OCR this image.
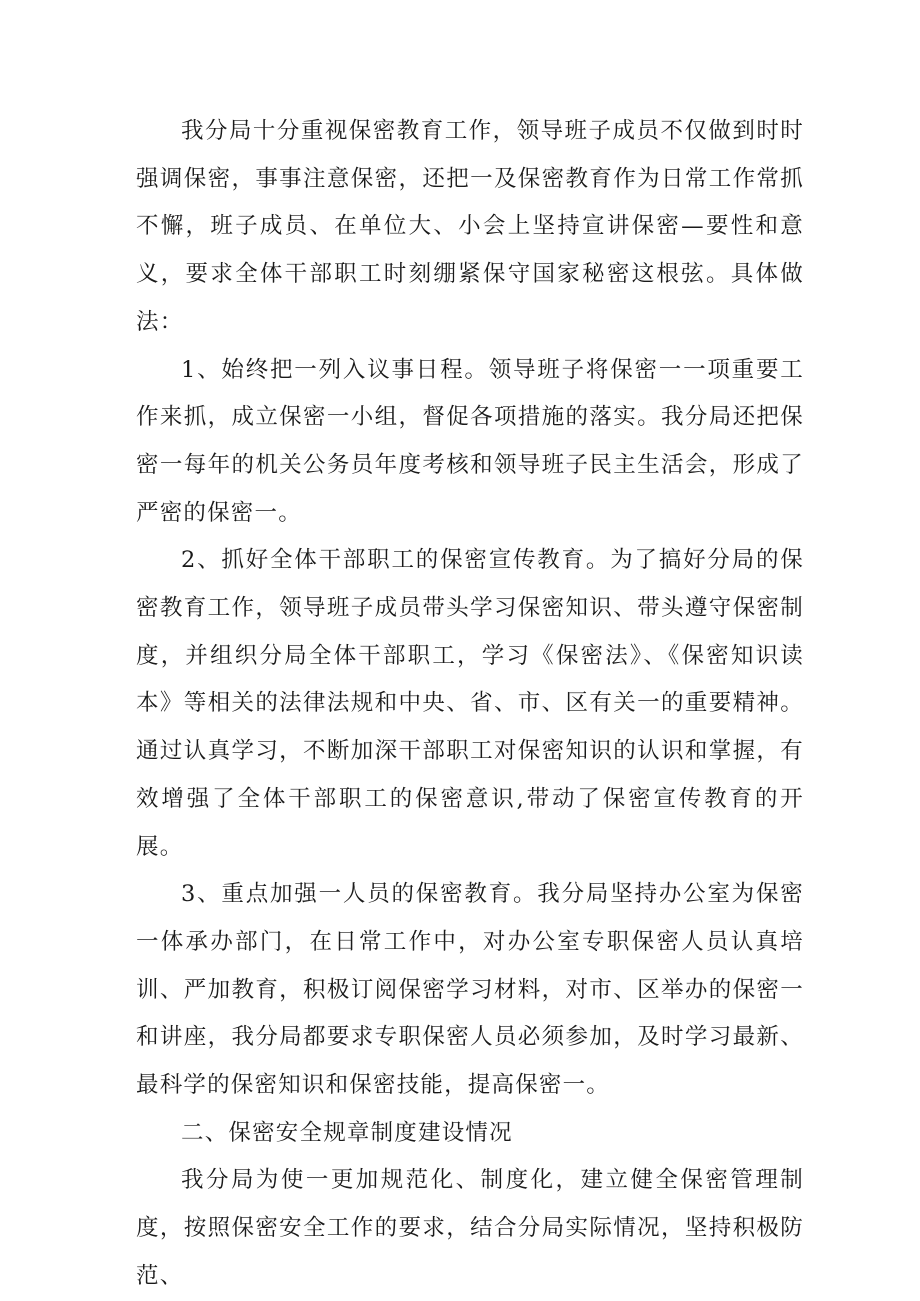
我分局十分重视保密教育工作，领导班子成员不仅做到时时强调保密，事事注意保密，还把一及保密教育作为日常工作常抓不懈，班子成员、在单位大、小会上坚持宣讲保密—要性和意义，要求全体干部职工时刻绷紧保守国家秘密这根弦。具体做法：

1、始终把一列入议事日程。领导班子将保密一一项重要工作来抓，成立保密一小组，督促各项措施的落实。我分局还把保密一每年的机关公务员年度考核和领导班子民主生活会，形成了严密的保密一。

2、抓好全体干部职工的保密宣传教育。为了搞好分局的保密教育工作，领导班子成员带头学习保密知识、带头遵守保密制度，并组织分局全体干部职工，学习《保密法》、《保密知识读本》等相关的法律法规和中央、省、市、区有关一的重要精神。通过认真学习，不断加深干部职工对保密知识的认识和掌握，有效增强了全体干部职工的保密意识,带动了保密宣传教育的开展。

3、重点加强一人员的保密教育。我分局坚持办公室为保密一体承办部门，在日常工作中，对办公室专职保密人员认真培训、严加教育，积极订阅保密学习材料，对市、区举办的保密一和讲座，我分局都要求专职保密人员必须参加，及时学习最新、最科学的保密知识和保密技能，提高保密一。

二、保密安全规章制度建设情况

我分局为使一更加规范化、制度化，建立健全保密管理制度，按照保密安全工作的要求，结合分局实际情况，坚持积极防范、
